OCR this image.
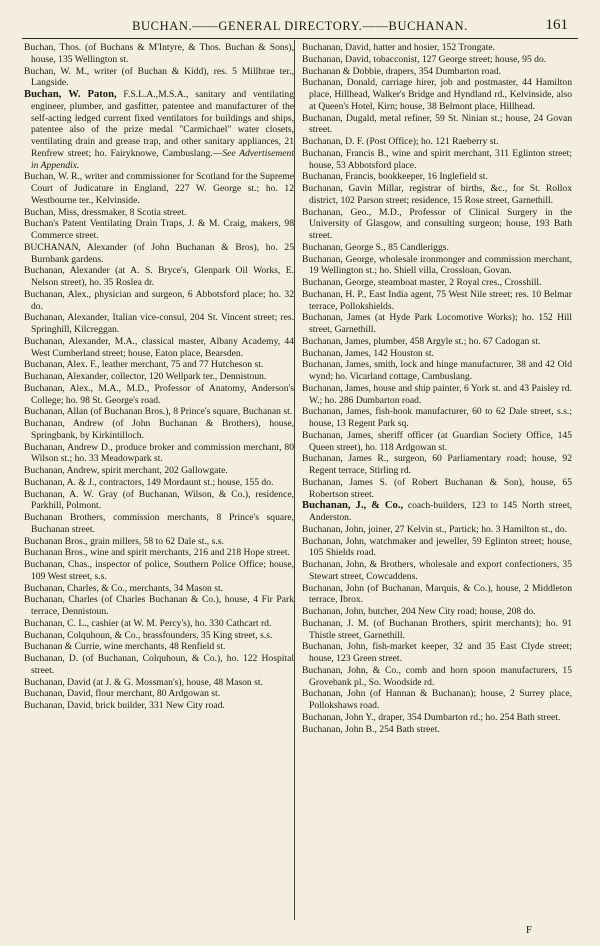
BUCHAN.——GENERAL DIRECTORY.——BUCHANAN.	161
Buchan, Thos. (of Buchans & M'Intyre, & Thos. Buchan & Sons), house, 135 Wellington st.
Buchan, W. M., writer (of Buchan & Kidd), res. 5 Millbrae ter., Langside.
Buchan, W. Paton, F.S.L.A.,M.S.A., sanitary and ventilating engineer, plumber, and gasfitter, patentee and manufacturer of the self-acting ledged current fixed ventilators for buildings and ships, patentee also of the prize medal "Carmichael" water closets, ventilating drain and grease trap, and other sanitary appliances, 21 Renfrew street; ho. Fairyknowe, Cambuslang.—See Advertisement in Appendix.
Buchan, W. R., writer and commissioner for Scotland for the Supreme Court of Judicature in England, 227 W. George st.; ho. 12 Westbourne ter., Kelvinside.
Buchan, Miss, dressmaker, 8 Scotia street.
Buchan's Patent Ventilating Drain Traps, J. & M. Craig, makers, 98 Commerce street.
BUCHANAN, Alexander (of John Buchanan & Bros), ho. 25 Burnbank gardens.
Buchanan, Alexander (at A. S. Bryce's, Glenpark Oil Works, E. Nelson street), ho. 35 Roslea dr.
Buchanan, Alex., physician and surgeon, 6 Abbotsford place; ho. 32 do.
Buchanan, Alexander, Italian vice-consul, 204 St. Vincent street; res. Springhill, Kilcreggan.
Buchanan, Alexander, M.A., classical master, Albany Academy, 44 West Cumberland street; house, Eaton place, Bearsden.
Buchanan, Alex. F., leather merchant, 75 and 77 Hutcheson st.
Buchanan, Alexander, collector, 120 Wellpark ter., Dennistoun.
Buchanan, Alex., M.A., M.D., Professor of Anatomy, Anderson's College; ho. 98 St. George's road.
Buchanan, Allan (of Buchanan Bros.), 8 Prince's square, Buchanan st.
Buchanan, Andrew (of John Buchanan & Brothers), house, Springbank, by Kirkintilloch.
Buchanan, Andrew D., produce broker and commission merchant, 80 Wilson st.; ho. 33 Meadowpark st.
Buchanan, Andrew, spirit merchant, 202 Gallowgate.
Buchanan, A. & J., contractors, 149 Mordaunt st.; house, 155 do.
Buchanan, A. W. Gray (of Buchanan, Wilson, & Co.), residence, Parkhill, Polmont.
Buchanan Brothers, commission merchants, 8 Prince's square, Buchanan street.
Buchanan Bros., grain millers, 58 to 62 Dale st., s.s.
Buchanan Bros., wine and spirit merchants, 216 and 218 Hope street.
Buchanan, Chas., inspector of police, Southern Police Office; house, 109 West street, s.s.
Buchanan, Charles, & Co., merchants, 34 Mason st.
Buchanan, Charles (of Charles Buchanan & Co.), house, 4 Fir Park terrace, Dennistoun.
Buchanan, C. L., cashier (at W. M. Percy's), ho. 330 Cathcart rd.
Buchanan, Colquhoun, & Co., brassfounders, 35 King street, s.s.
Buchanan & Currie, wine merchants, 48 Renfield st.
Buchanan, D. (of Buchanan, Colquhoun, & Co.), ho. 122 Hospital street.
Buchanan, David (at J. & G. Mossman's), house, 48 Mason st.
Buchanan, David, flour merchant, 80 Ardgowan st.
Buchanan, David, brick builder, 331 New City road.
Buchanan, David, hatter and hosier, 152 Trongate.
Buchanan, David, tobacconist, 127 George street; house, 95 do.
Buchanan & Dobbie, drapers, 354 Dumbarton road.
Buchanan, Donald, carriage hirer, job and postmaster, 44 Hamilton place, Hillhead, Walker's Bridge and Hyndland rd., Kelvinside, also at Queen's Hotel, Kirn; house, 38 Belmont place, Hillhead.
Buchanan, Dugald, metal refiner, 59 St. Ninian st.; house, 24 Govan street.
Buchanan, D. F. (Post Office); ho. 121 Raeberry st.
Buchanan, Francis B., wine and spirit merchant, 311 Eglinton street; house, 53 Abbotsford place.
Buchanan, Francis, bookkeeper, 16 Inglefield st.
Buchanan, Gavin Millar, registrar of births, &c., for St. Rollox district, 102 Parson street; residence, 15 Rose street, Garnethill.
Buchanan, Geo., M.D., Professor of Clinical Surgery in the University of Glasgow, and consulting surgeon; house, 193 Bath street.
Buchanan, George S., 85 Candleriggs.
Buchanan, George, wholesale ironmonger and commission merchant, 19 Wellington st.; ho. Shiell villa, Crossloan, Govan.
Buchanan, George, steamboat master, 2 Royal cres., Crosshill.
Buchanan, H. P., East India agent, 75 West Nile street; res. 10 Belmar terrace, Pollokshields.
Buchanan, James (at Hyde Park Locomotive Works); ho. 152 Hill street, Garnethill.
Buchanan, James, plumber, 458 Argyle st.; ho. 67 Cadogan st.
Buchanan, James, 142 Houston st.
Buchanan, James, smith, lock and hinge manufacturer, 38 and 42 Old wynd; ho. Vicarland cottage, Cambuslang.
Buchanan, James, house and ship painter, 6 York st. and 43 Paisley rd. W.; ho. 286 Dumbarton road.
Buchanan, James, fish-hook manufacturer, 60 to 62 Dale street, s.s.; house, 13 Regent Park sq.
Buchanan, James, sheriff officer (at Guardian Society Office, 145 Queen street), ho. 118 Ardgowan st.
Buchanan, James R., surgeon, 60 Parliamentary road; house, 92 Regent terrace, Stirling rd.
Buchanan, James S. (of Robert Buchanan & Son), house, 65 Robertson street.
Buchanan, J., & Co., coach-builders, 123 to 145 North street, Anderston.
Buchanan, John, joiner, 27 Kelvin st., Partick; ho. 3 Hamilton st., do.
Buchanan, John, watchmaker and jeweller, 59 Eglinton street; house, 105 Shields road.
Buchanan, John, & Brothers, wholesale and export confectioners, 35 Stewart street, Cowcaddens.
Buchanan, John (of Buchanan, Marquis, & Co.), house, 2 Middleton terrace, Ibrox.
Buchanan, John, butcher, 204 New City road; house, 208 do.
Buchanan, J. M. (of Buchanan Brothers, spirit merchants); ho. 91 Thistle street, Garnethill.
Buchanan, John, fish-market keeper, 32 and 35 East Clyde street; house, 123 Green street.
Buchanan, John, & Co., comb and horn spoon manufacturers, 15 Grovebank pl., So. Woodside rd.
Buchanan, John (of Hannan & Buchanan); house, 2 Surrey place, Pollokshaws road.
Buchanan, John Y., draper, 354 Dumbarton rd.; ho. 254 Bath street.
Buchanan, John B., 254 Bath street.
F
